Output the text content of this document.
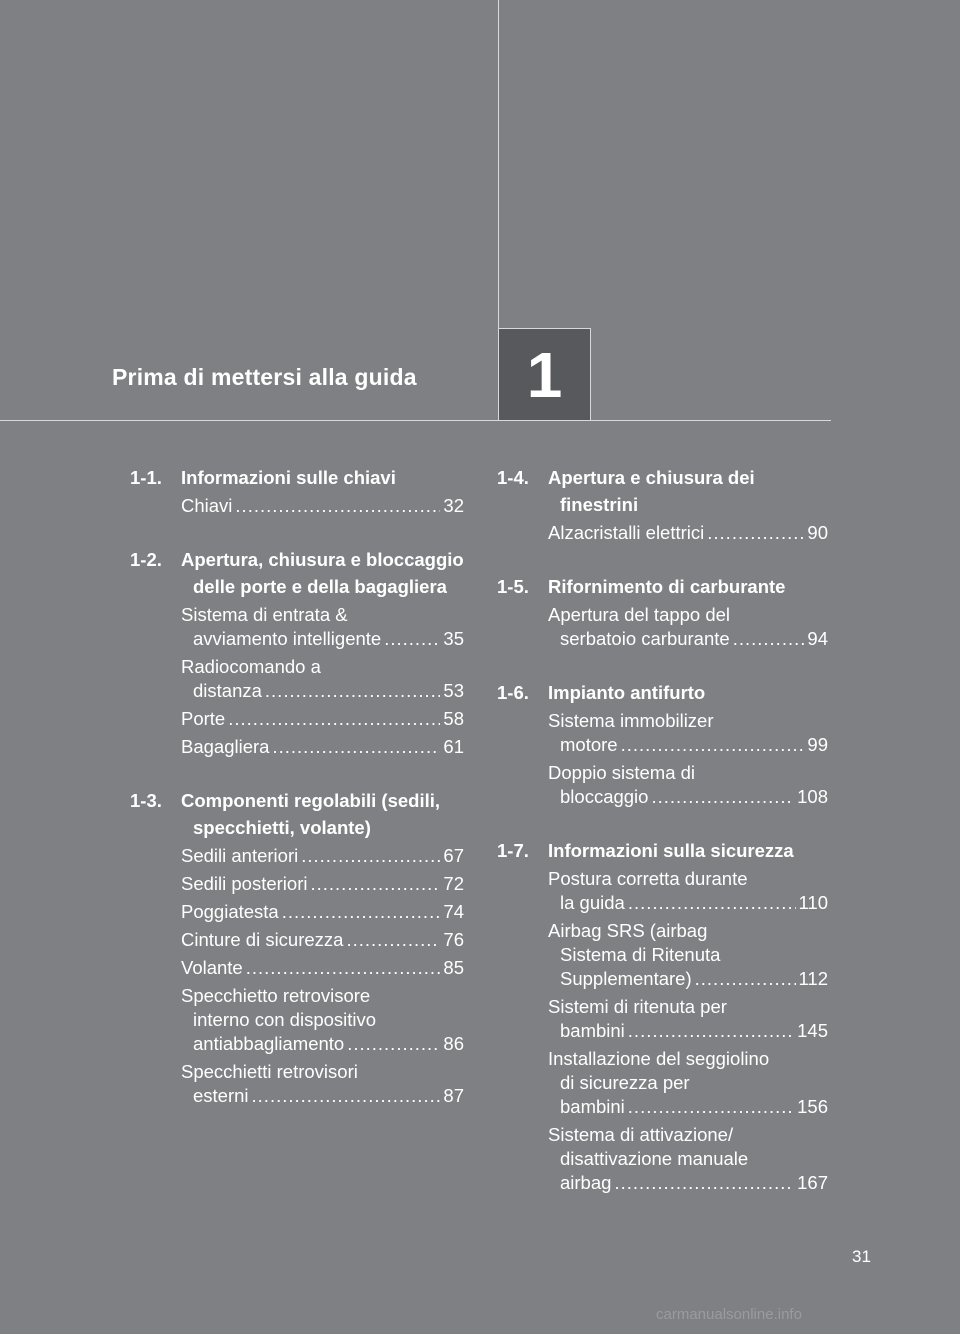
Prima di mettersi alla guida 1
1-1.	Informazioni sulle chiavi
Chiavi .....	32
1-2.	Apertura, chiusura e bloccaggio delle porte e della bagagliera
Sistema di entrata &
avviamento intelligente .....	35
Radiocomando a
distanza .....	53
Porte .....	58
Bagagliera .....	61
1-3.	Componenti regolabili (sedili, specchietti, volante)
Sedili anteriori .....	67
Sedili posteriori .....	72
Poggiatesta .....	74
Cinture di sicurezza .....	76
Volante .....	85
Specchietto retrovisore
interno con dispositivo
antiabbagliamento .....	86
Specchietti retrovisori
esterni .....	87
1-4.	Apertura e chiusura dei finestrini
Alzacristalli elettrici .....	90
1-5.	Rifornimento di carburante
Apertura del tappo del
serbatoio carburante .....	94
1-6.	Impianto antifurto
Sistema immobilizer
motore .....	99
Doppio sistema di
bloccaggio .....	108
1-7.	Informazioni sulla sicurezza
Postura corretta durante
la guida .....	110
Airbag SRS (airbag
Sistema di Ritenuta
Supplementare) .....	112
Sistemi di ritenuta per
bambini .....	145
Installazione del seggiolino
di sicurezza per
bambini .....	156
Sistema di attivazione/
disattivazione manuale
airbag .....	167
31
carmanualsonline.info
